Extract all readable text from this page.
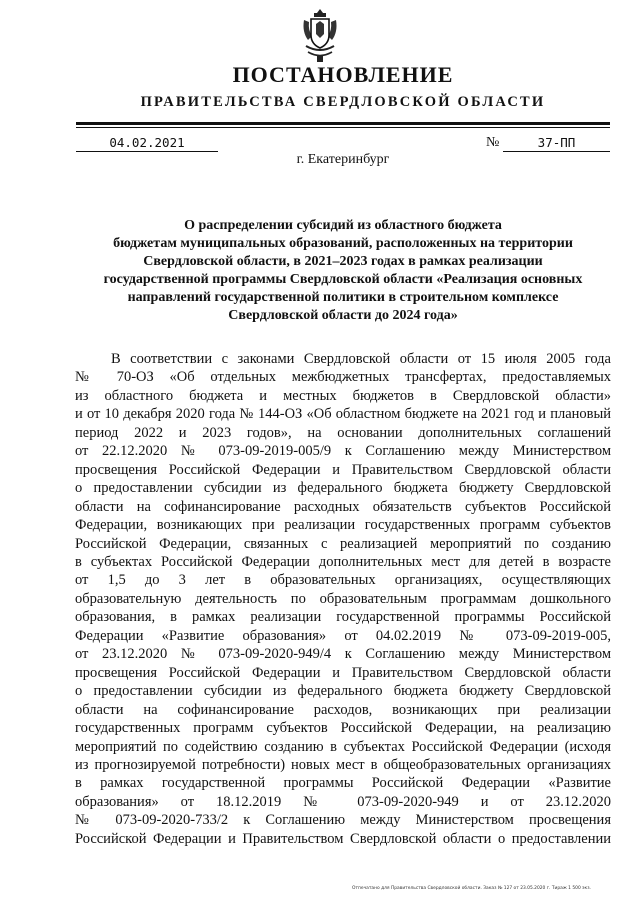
ПОСТАНОВЛЕНИЕ
ПРАВИТЕЛЬСТВА СВЕРДЛОВСКОЙ ОБЛАСТИ
04.02.2021	№	37-ПП
г. Екатеринбург
О распределении субсидий из областного бюджета
бюджетам муниципальных образований, расположенных на территории
Свердловской области, в 2021–2023 годах в рамках реализации
государственной программы Свердловской области «Реализация основных
направлений государственной политики в строительном комплексе
Свердловской области до 2024 года»
В соответствии с законами Свердловской области от 15 июля 2005 года
№ 70-ОЗ «Об отдельных межбюджетных трансфертах, предоставляемых
из областного бюджета и местных бюджетов в Свердловской области»
и от 10 декабря 2020 года № 144-ОЗ «Об областном бюджете на 2021 год и плановый
период 2022 и 2023 годов», на основании дополнительных соглашений
от 22.12.2020 № 073-09-2019-005/9 к Соглашению между Министерством
просвещения Российской Федерации и Правительством Свердловской области
о предоставлении субсидии из федерального бюджета бюджету Свердловской
области на софинансирование расходных обязательств субъектов Российской
Федерации, возникающих при реализации государственных программ субъектов
Российской Федерации, связанных с реализацией мероприятий по созданию
в субъектах Российской Федерации дополнительных мест для детей в возрасте
от 1,5 до 3 лет в образовательных организациях, осуществляющих
образовательную деятельность по образовательным программам дошкольного
образования, в рамках реализации государственной программы Российской
Федерации «Развитие образования» от 04.02.2019 № 073-09-2019-005,
от 23.12.2020 № 073-09-2020-949/4 к Соглашению между Министерством
просвещения Российской Федерации и Правительством Свердловской области
о предоставлении субсидии из федерального бюджета бюджету Свердловской
области на софинансирование расходов, возникающих при реализации
государственных программ субъектов Российской Федерации, на реализацию
мероприятий по содействию созданию в субъектах Российской Федерации (исходя
из прогнозируемой потребности) новых мест в общеобразовательных организациях
в рамках государственной программы Российской Федерации «Развитие
образования» от 18.12.2019 № 073-09-2020-949 и от 23.12.2020
№ 073-09-2020-733/2 к Соглашению между Министерством просвещения
Российской Федерации и Правительством Свердловской области о предоставлении
Отпечатано для Правительства Свердловской области. Заказ № 127 от 23.05.2020 г. Тираж 1 500 экз.
